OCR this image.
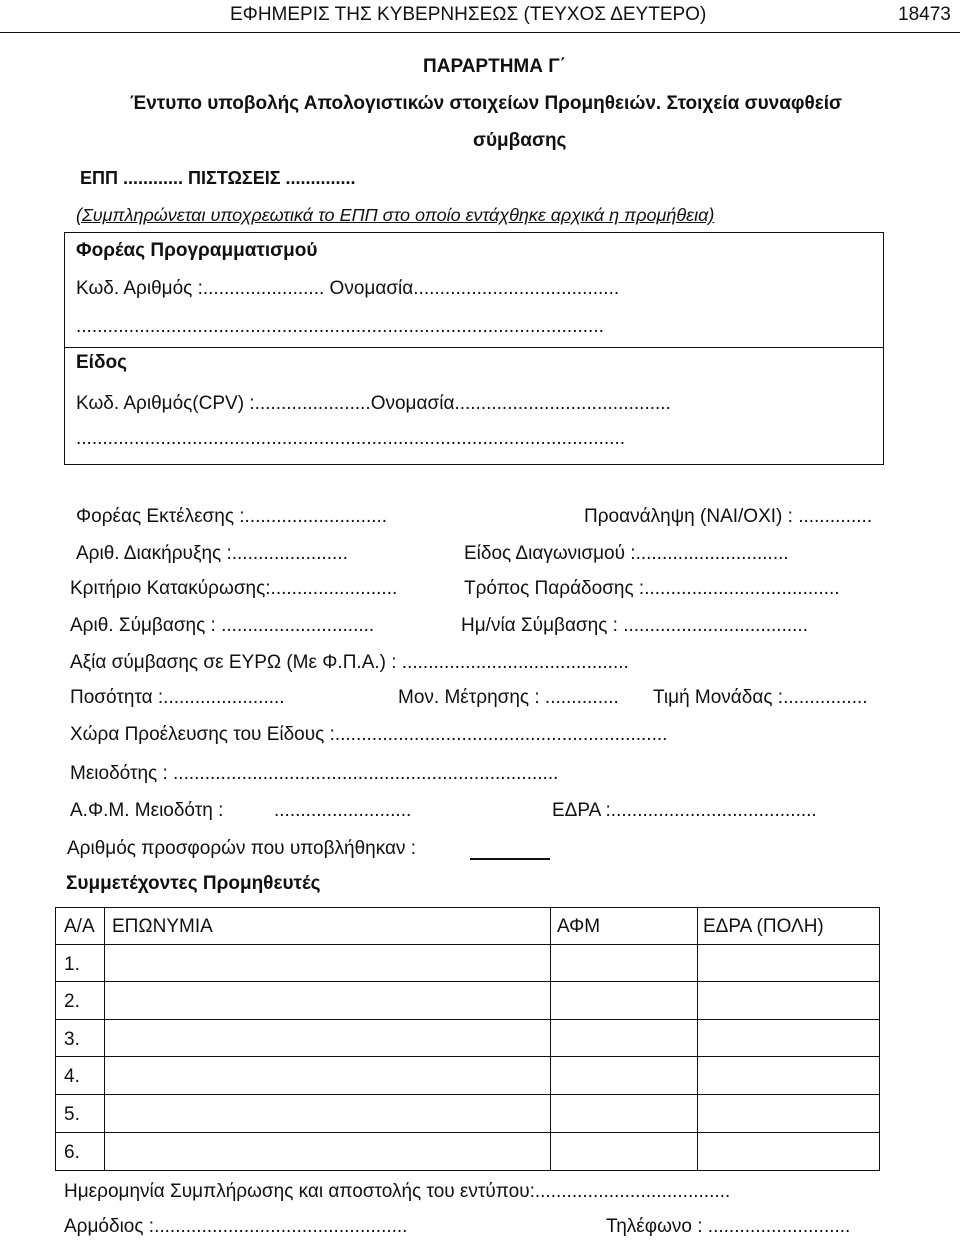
ΕΦΗΜΕΡΙΣ ΤΗΣ ΚΥΒΕΡΝΗΣΕΩΣ (ΤΕΥΧΟΣ ΔΕΥΤΕΡΟ)	18473
ΠΑΡΑΡΤΗΜΑ Γ΄
Έντυπο υποβολής Απολογιστικών στοιχείων Προμηθειών. Στοιχεία συναφθείσ
σύμβασης
ΕΠΠ ............ ΠΙΣΤΩΣΕΙΣ ..............
(Συμπληρώνεται υποχρεωτικά το ΕΠΠ στο οποίο εντάχθηκε αρχικά η προμήθεια)
Φορέας Προγραμματισμού
Κωδ. Αριθμός :....................... Ονομασία.......................................
....................................................................................................
Είδος
Κωδ. Αριθμός(CPV) :......................Ονομασία.........................................
........................................................................................................
Φορέας Εκτέλεσης :...........................	Προανάληψη (ΝΑΙ/ΟΧΙ) : ..............
Αριθ. Διακήρυξης :......................	Είδος Διαγωνισμού :.............................
Κριτήριο Κατακύρωσης:........................	Τρόπος Παράδοσης :.....................................
Αριθ. Σύμβασης : .............................	Ημ/νία Σύμβασης : ...................................
Αξία σύμβασης σε ΕΥΡΩ (Με Φ.Π.Α.) : ...........................................
Ποσότητα :.......................	Μον. Μέτρησης : .............. Τιμή Μονάδας :................
Χώρα Προέλευσης του Είδους :...............................................................
Μειοδότης : .........................................................................
Α.Φ.Μ. Μειοδότη :	..........................	ΕΔΡΑ :.......................................
Αριθμός προσφορών που υποβλήθηκαν :
Συμμετέχοντες Προμηθευτές
Α/Α ΕΠΩΝΥΜΙΑ	ΑΦΜ	ΕΔΡΑ (ΠΟΛΗ)
1.
2.
3.
4.
5.
6.
Ημερομηνία Συμπλήρωσης και αποστολής του εντύπου:.....................................
Αρμόδιος :................................................	Τηλέφωνο : ...........................
